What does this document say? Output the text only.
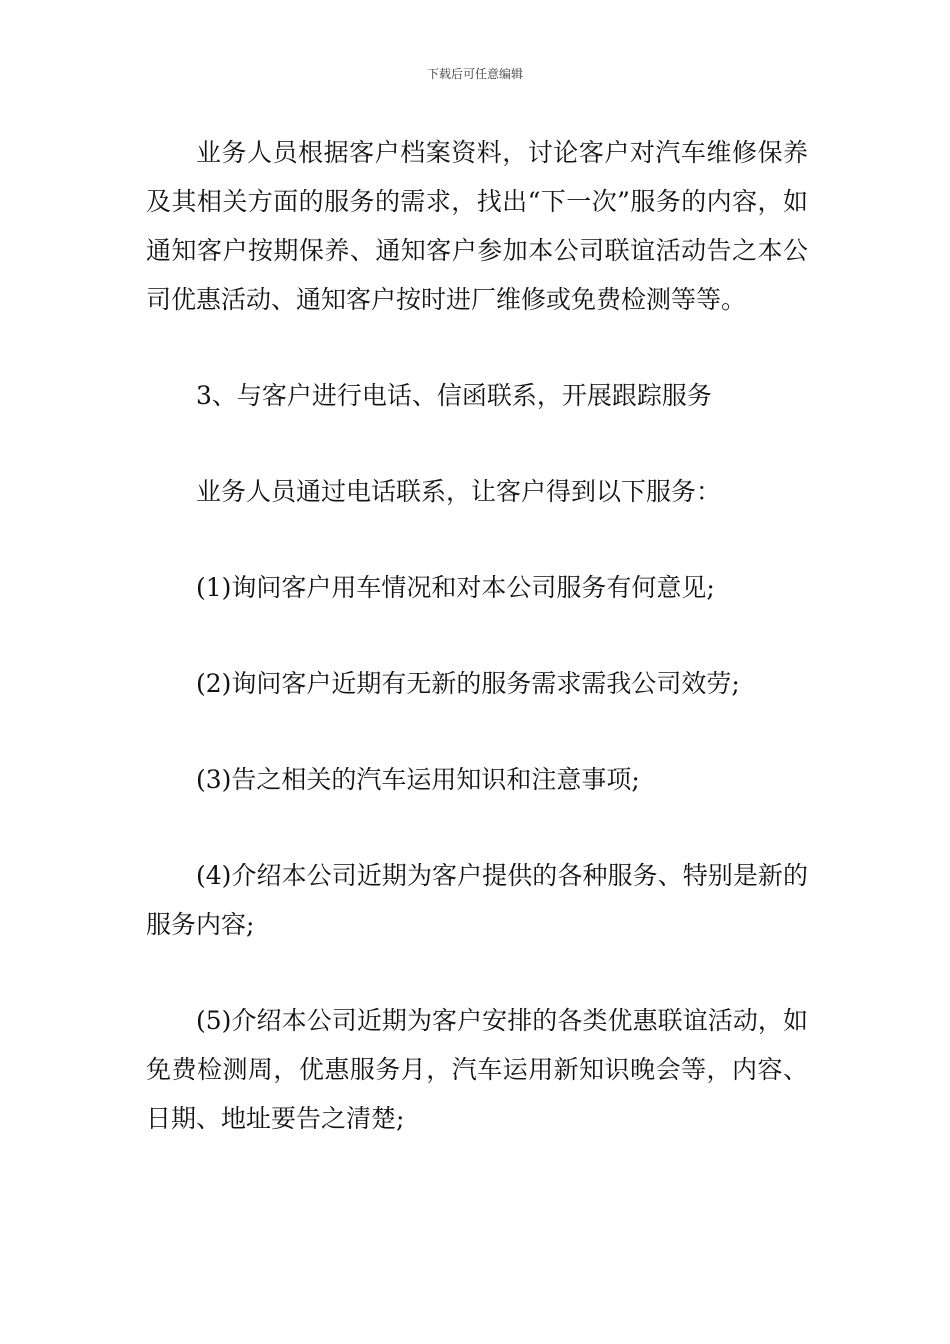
下载后可任意编辑

业务人员根据客户档案资料，讨论客户对汽车维修保养及其相关方面的服务的需求，找出“下一次”服务的内容，如通知客户按期保养、通知客户参加本公司联谊活动告之本公司优惠活动、通知客户按时进厂维修或免费检测等等。

3、与客户进行电话、信函联系，开展跟踪服务

业务人员通过电话联系，让客户得到以下服务：

(1)询问客户用车情况和对本公司服务有何意见;

(2)询问客户近期有无新的服务需求需我公司效劳;

(3)告之相关的汽车运用知识和注意事项;

(4)介绍本公司近期为客户提供的各种服务、特别是新的服务内容;

(5)介绍本公司近期为客户安排的各类优惠联谊活动，如免费检测周，优惠服务月，汽车运用新知识晚会等，内容、日期、地址要告之清楚;
